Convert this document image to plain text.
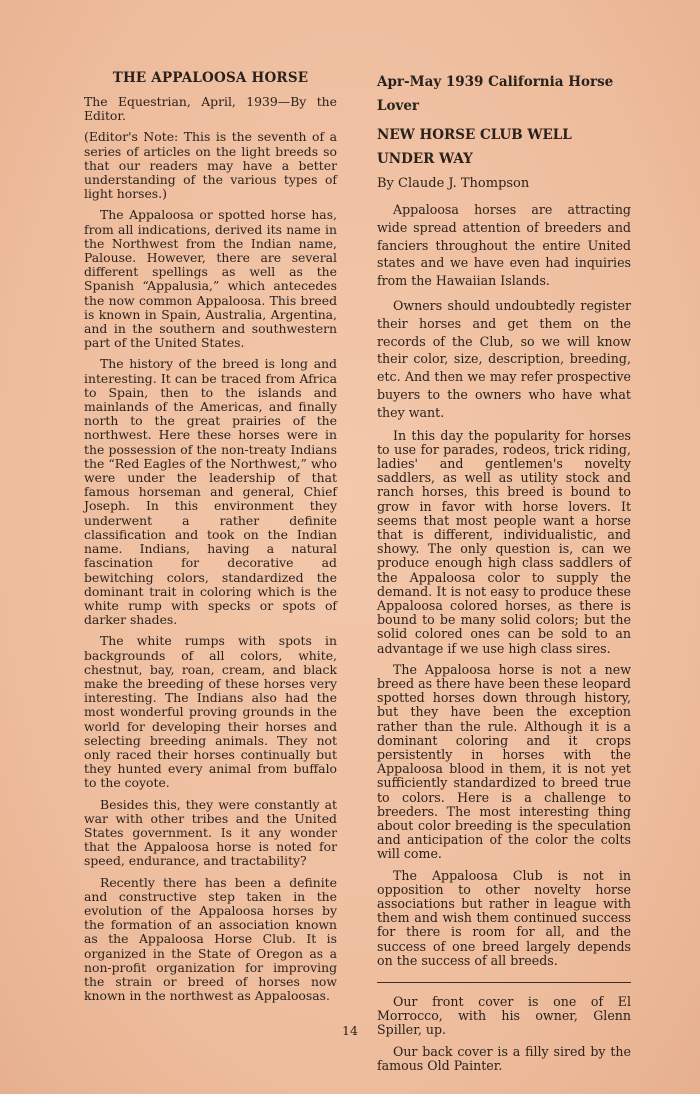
THE APPALOOSA HORSE

The Equestrian, April, 1939—By the Editor.

(Editor's Note: This is the seventh of a series of articles on the light breeds so that our readers may have a better understanding of the various types of light horses.)

The Appaloosa or spotted horse has, from all indications, derived its name in the Northwest from the Indian name, Palouse. However, there are several different spellings as well as the Spanish “Appalusia,” which antecedes the now common Appaloosa. This breed is known in Spain, Australia, Argentina, and in the southern and southwestern part of the United States.

The history of the breed is long and interesting. It can be traced from Africa to Spain, then to the islands and mainlands of the Americas, and finally north to the great prairies of the northwest. Here these horses were in the possession of the non-treaty Indians the “Red Eagles of the Northwest,” who were under the leadership of that famous horseman and general, Chief Joseph. In this environment they underwent a rather definite classification and took on the Indian name. Indians, having a natural fascination for decorative ad bewitching colors, standardized the dominant trait in coloring which is the white rump with specks or spots of darker shades.

The white rumps with spots in backgrounds of all colors, white, chestnut, bay, roan, cream, and black make the breeding of these horses very interesting. The Indians also had the most wonderful proving grounds in the world for developing their horses and selecting breeding animals. They not only raced their horses continually but they hunted every animal from buffalo to the coyote.

Besides this, they were constantly at war with other tribes and the United States government. Is it any wonder that the Appaloosa horse is noted for speed, endurance, and tractability?

Recently there has been a definite and constructive step taken in the evolution of the Appaloosa horses by the formation of an association known as the Appaloosa Horse Club. It is organized in the State of Oregon as a non-profit organization for improving the strain or breed of horses now known in the northwest as Appaloosas.

Apr-May 1939 California Horse Lover
NEW HORSE CLUB WELL
UNDER WAY
By Claude J. Thompson

Appaloosa horses are attracting wide spread attention of breeders and fanciers throughout the entire United states and we have even had inquiries from the Hawaiian Islands.

Owners should undoubtedly register their horses and get them on the records of the Club, so we will know their color, size, description, breeding, etc. And then we may refer prospective buyers to the owners who have what they want.

In this day the popularity for horses to use for parades, rodeos, trick riding, ladies' and gentlemen's novelty saddlers, as well as utility stock and ranch horses, this breed is bound to grow in favor with horse lovers. It seems that most people want a horse that is different, individualistic, and showy. The only question is, can we produce enough high class saddlers of the Appaloosa color to supply the demand. It is not easy to produce these Appaloosa colored horses, as there is bound to be many solid colors; but the solid colored ones can be sold to an advantage if we use high class sires.

The Appaloosa horse is not a new breed as there have been these leopard spotted horses down through history, but they have been the exception rather than the rule. Although it is a dominant coloring and it crops persistently in horses with the Appaloosa blood in them, it is not yet sufficiently standardized to breed true to colors. Here is a challenge to breeders. The most interesting thing about color breeding is the speculation and anticipation of the color the colts will come.

The Appaloosa Club is not in opposition to other novelty horse associations but rather in league with them and wish them continued success for there is room for all, and the success of one breed largely depends on the success of all breeds.

Our front cover is one of El Morrocco, with his owner, Glenn Spiller, up.

Our back cover is a filly sired by the famous Old Painter.

14
